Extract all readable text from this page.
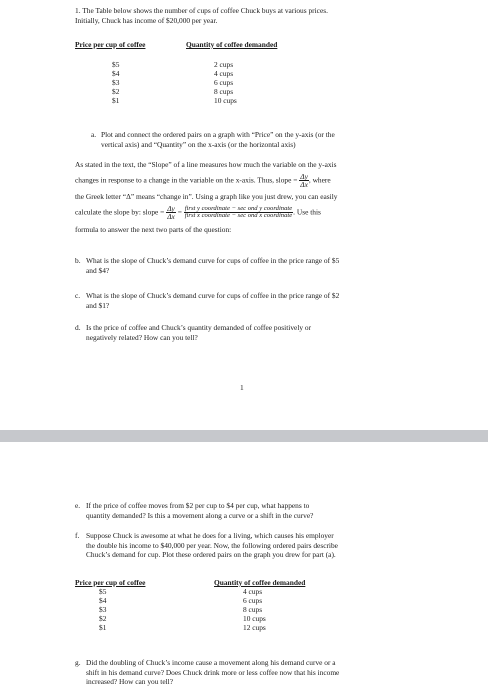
1. The Table below shows the number of cups of coffee Chuck buys at various prices.
Initially, Chuck has income of $20,000 per year.
Price per cup of coffee	Quantity of coffee demanded
$5
$4
$3
$2
$1
2 cups
4 cups
6 cups
8 cups
10 cups
a. Plot and connect the ordered pairs on a graph with “Price” on the y-axis (or the
vertical axis) and “Quantity” on the x-axis (or the horizontal axis)
As stated in the text, the “Slope” of a line measures how much the variable on the y-axis
changes in response to a change in the variable on the x-axis. Thus, slope = $\frac{\Delta y}{\Delta x}$ , where
the Greek letter “Δ” means “change in”. Using a graph like you just drew, you can easily
calculate the slope by: slope = $\frac{\Delta y}{\Delta x} = \frac{\text{first y coordinate − sec ond y coordinate}}{\text{first x coordinate − sec ond x coordinate}}$ . Use this
formula to answer the next two parts of the question:
b. What is the slope of Chuck’s demand curve for cups of coffee in the price range of $5
and $4?
c. What is the slope of Chuck’s demand curve for cups of coffee in the price range of $2
and $1?
d. Is the price of coffee and Chuck’s quantity demanded of coffee positively or
negatively related? How can you tell?
1
e. If the price of coffee moves from $2 per cup to $4 per cup, what happens to
quantity demanded? Is this a movement along a curve or a shift in the curve?
f. Suppose Chuck is awesome at what he does for a living, which causes his employer
the double his income to $40,000 per year. Now, the following ordered pairs describe
Chuck’s demand for cup. Plot these ordered pairs on the graph you drew for part (a).
Price per cup of coffee	Quantity of coffee demanded
$5
$4
$3
$2
$1
4 cups
6 cups
8 cups
10 cups
12 cups
g. Did the doubling of Chuck’s income cause a movement along his demand curve or a
shift in his demand curve? Does Chuck drink more or less coffee now that his income
increased? How can you tell?
